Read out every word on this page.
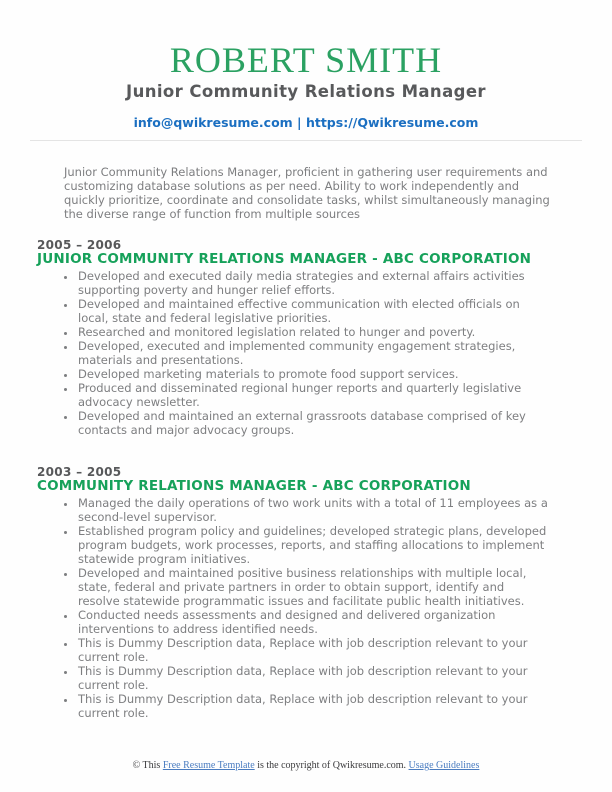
ROBERT SMITH
Junior Community Relations Manager
info@qwikresume.com | https://Qwikresume.com
Junior Community Relations Manager, proficient in gathering user requirements and customizing database solutions as per need. Ability to work independently and quickly prioritize, coordinate and consolidate tasks, whilst simultaneously managing the diverse range of function from multiple sources
2005 – 2006
JUNIOR COMMUNITY RELATIONS MANAGER - ABC CORPORATION
• Developed and executed daily media strategies and external affairs activities supporting poverty and hunger relief efforts.
• Developed and maintained effective communication with elected officials on local, state and federal legislative priorities.
• Researched and monitored legislation related to hunger and poverty.
• Developed, executed and implemented community engagement strategies, materials and presentations.
• Developed marketing materials to promote food support services.
• Produced and disseminated regional hunger reports and quarterly legislative advocacy newsletter.
• Developed and maintained an external grassroots database comprised of key contacts and major advocacy groups.
2003 – 2005
COMMUNITY RELATIONS MANAGER - ABC CORPORATION
• Managed the daily operations of two work units with a total of 11 employees as a second-level supervisor.
• Established program policy and guidelines; developed strategic plans, developed program budgets, work processes, reports, and staffing allocations to implement statewide program initiatives.
• Developed and maintained positive business relationships with multiple local, state, federal and private partners in order to obtain support, identify and resolve statewide programmatic issues and facilitate public health initiatives.
• Conducted needs assessments and designed and delivered organization interventions to address identified needs.
• This is Dummy Description data, Replace with job description relevant to your current role.
• This is Dummy Description data, Replace with job description relevant to your current role.
• This is Dummy Description data, Replace with job description relevant to your current role.
© This Free Resume Template is the copyright of Qwikresume.com. Usage Guidelines
